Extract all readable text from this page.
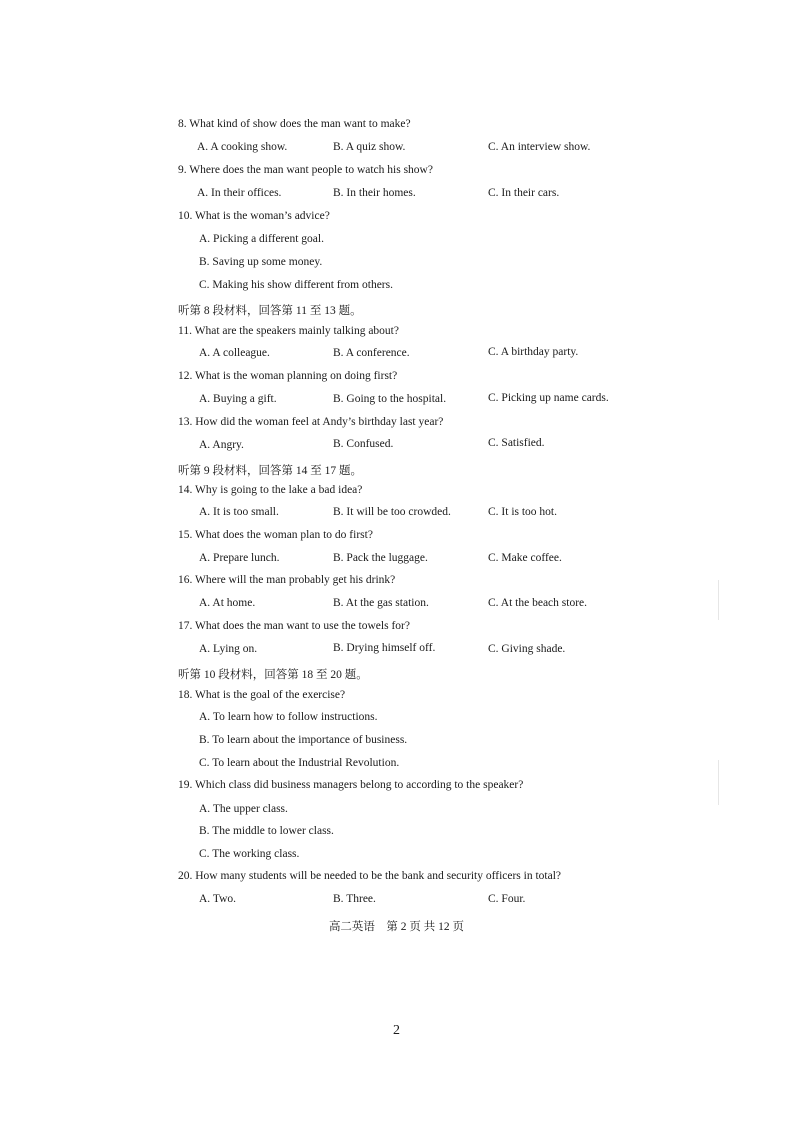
8. What kind of show does the man want to make?
A. A cooking show.	B. A quiz show.	C. An interview show.
9. Where does the man want people to watch his show?
A. In their offices.	B. In their homes.	C. In their cars.
10. What is the woman’s advice?
A. Picking a different goal.
B. Saving up some money.
C. Making his show different from others.
听第 8 段材料，回答第 11 至 13 题。
11. What are the speakers mainly talking about?
A. A colleague.	B. A conference.	C. A birthday party.
12. What is the woman planning on doing first?
A. Buying a gift.	B. Going to the hospital.	C. Picking up name cards.
13. How did the woman feel at Andy’s birthday last year?
A. Angry.	B. Confused.	C. Satisfied.
听第 9 段材料，回答第 14 至 17 题。
14. Why is going to the lake a bad idea?
A. It is too small.	B. It will be too crowded.	C. It is too hot.
15. What does the woman plan to do first?
A. Prepare lunch.	B. Pack the luggage.	C. Make coffee.
16. Where will the man probably get his drink?
A. At home.	B. At the gas station.	C. At the beach store.
17. What does the man want to use the towels for?
A. Lying on.	B. Drying himself off.	C. Giving shade.
听第 10 段材料，回答第 18 至 20 题。
18. What is the goal of the exercise?
A. To learn how to follow instructions.
B. To learn about the importance of business.
C. To learn about the Industrial Revolution.
19. Which class did business managers belong to according to the speaker?
A. The upper class.
B. The middle to lower class.
C. The working class.
20. How many students will be needed to be the bank and security officers in total?
A. Two.	B. Three.	C. Four.
高二英语　第 2 页 共 12 页
2
